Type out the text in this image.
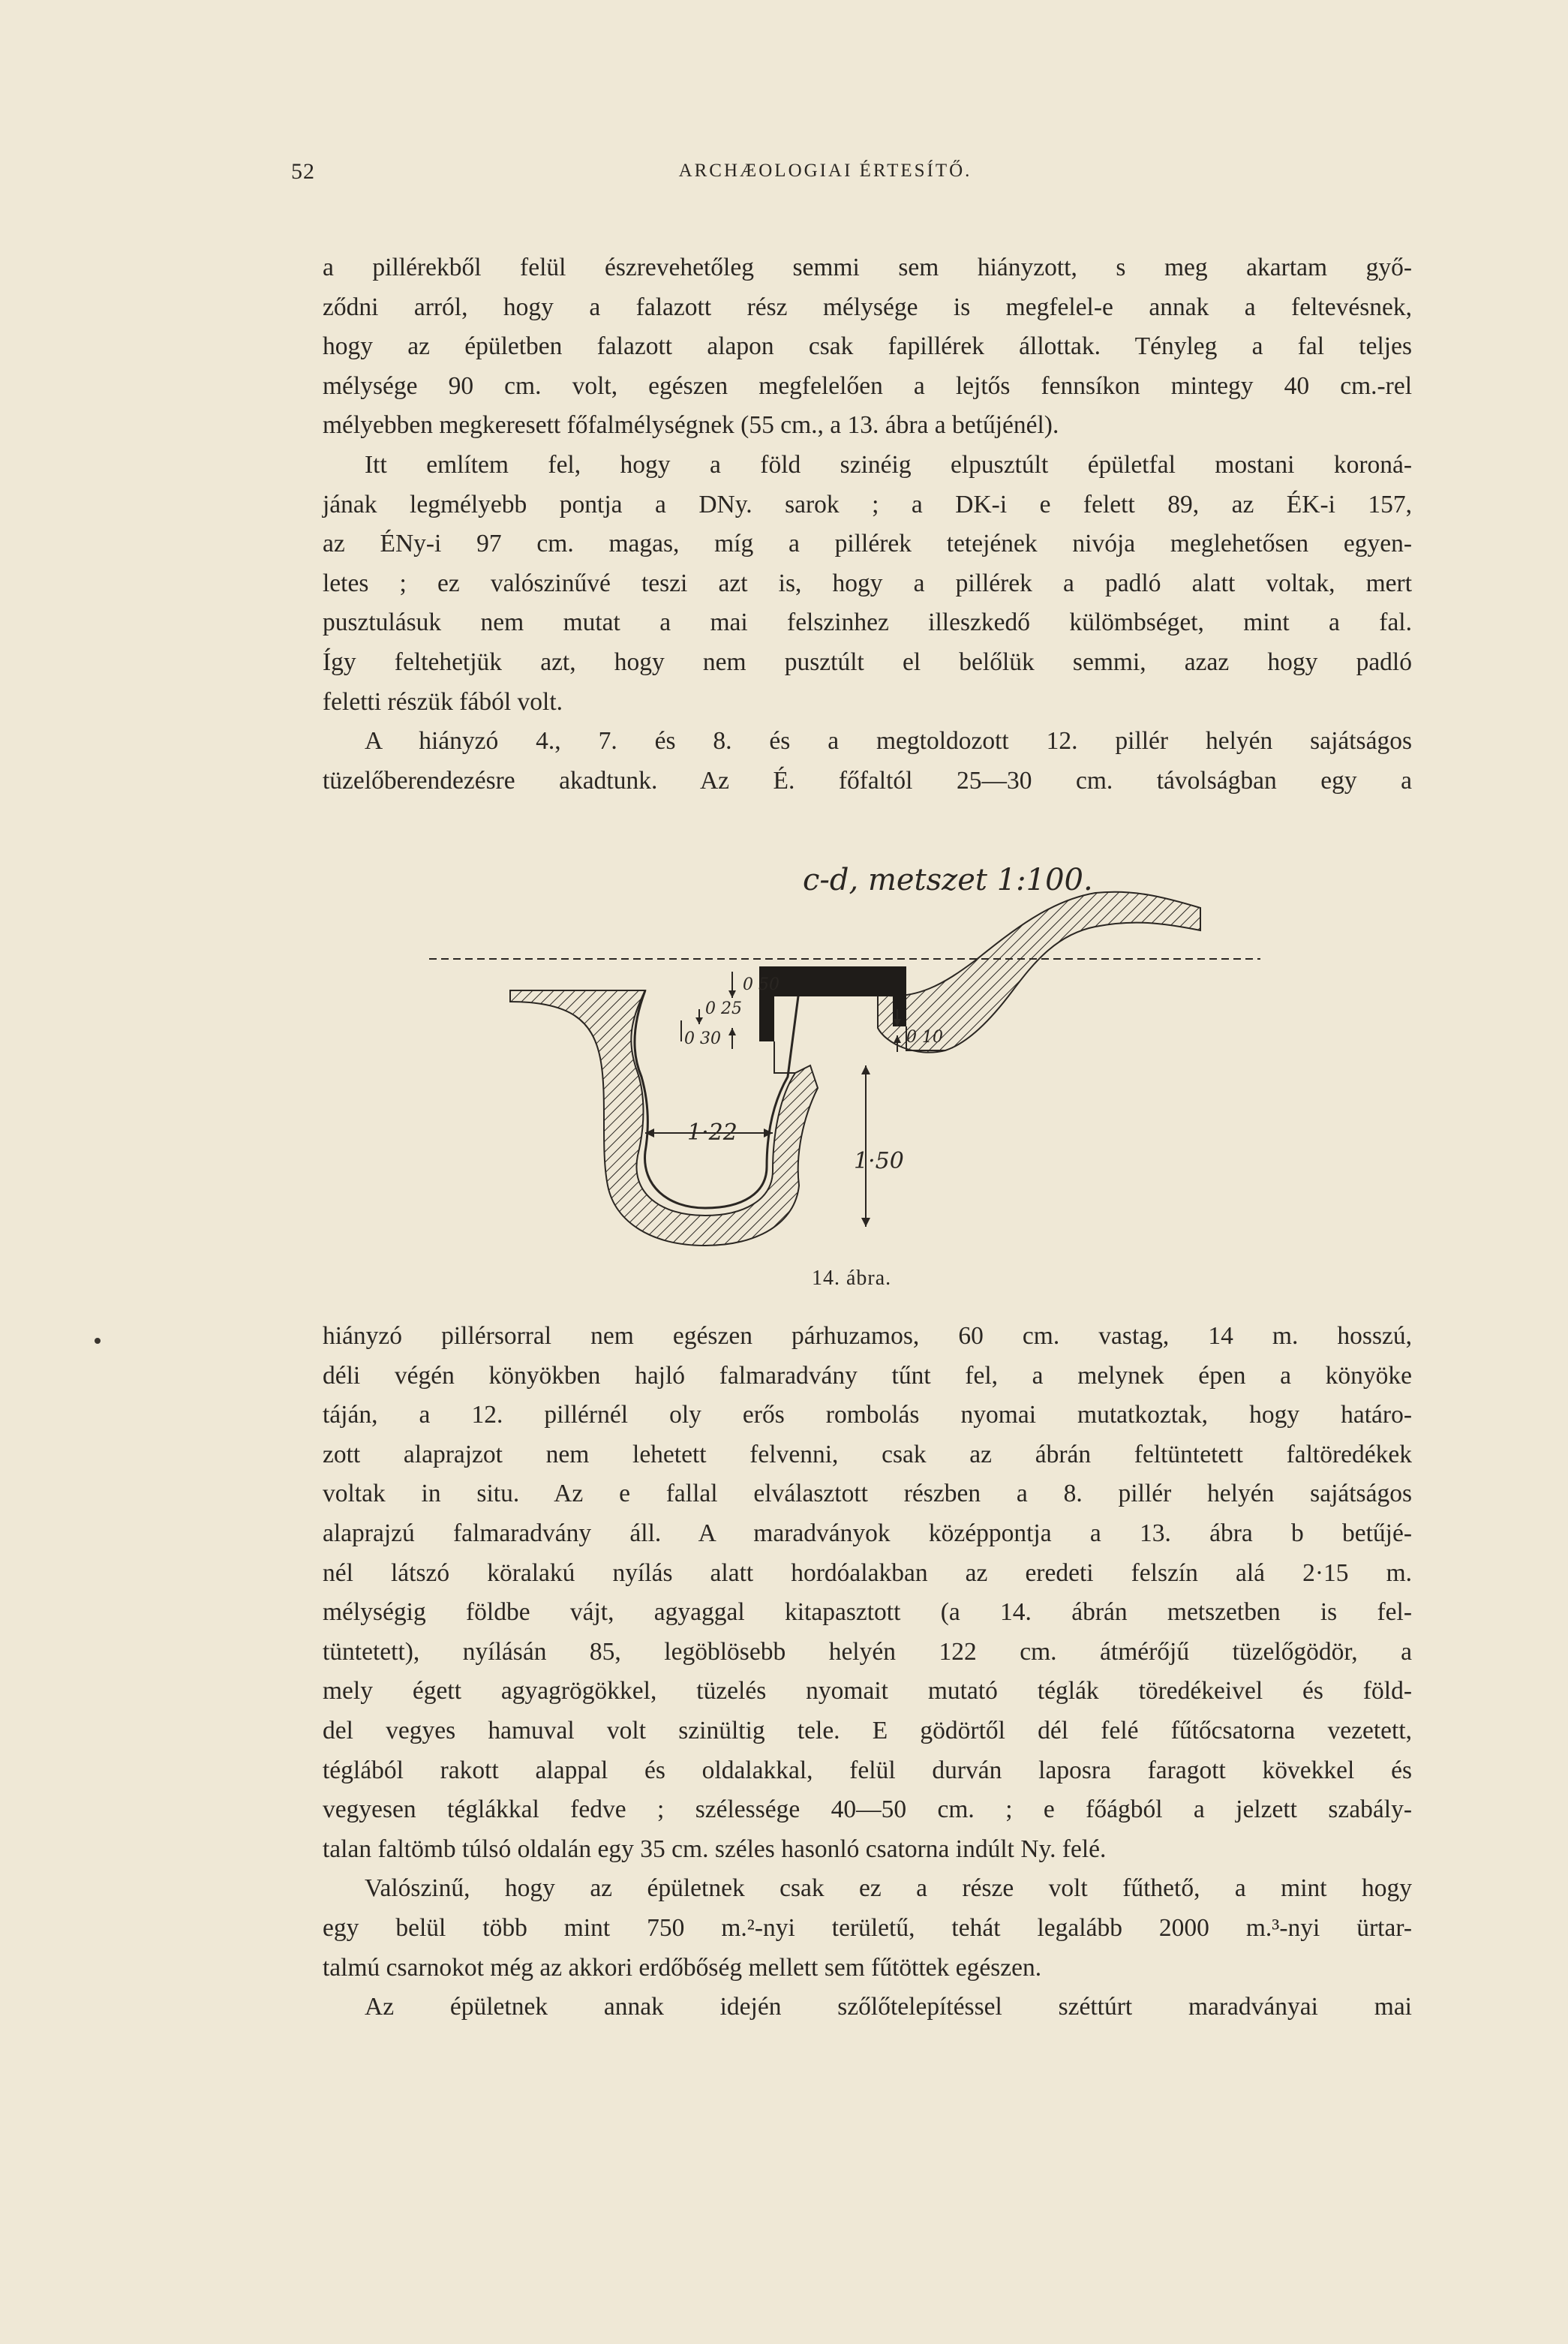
52	ARCHÆOLOGIAI ÉRTESÍTŐ.
a pillérekből felül észrevehetőleg semmi sem hiányzott, s meg akartam győ-
ződni arról, hogy a falazott rész mélysége is megfelel-e annak a feltevésnek,
hogy az épületben falazott alapon csak fapillérek állottak. Tényleg a fal teljes
mélysége 90 cm. volt, egészen megfelelően a lejtős fennsíkon mintegy 40 cm.-rel
mélyebben megkeresett főfalmélységnek (55 cm., a 13. ábra a betűjénél).
Itt említem fel, hogy a föld szinéig elpusztúlt épületfal mostani koroná-
jának legmélyebb pontja a DNy. sarok ; a DK-i e felett 89, az ÉK-i 157,
az ÉNy-i 97 cm. magas, míg a pillérek tetejének nivója meglehetősen egyen-
letes ; ez valószinűvé teszi azt is, hogy a pillérek a padló alatt voltak, mert
pusztulásuk nem mutat a mai felszinhez illeszkedő külömbséget, mint a fal.
Így feltehetjük azt, hogy nem pusztúlt el belőlük semmi, azaz hogy padló
feletti részük fából volt.
A hiányzó 4., 7. és 8. és a megtoldozott 12. pillér helyén sajátságos
tüzelőberendezésre akadtunk. Az É. főfaltól 25—30 cm. távolságban egy a
c-d, metszet 1:100.
0 50
0 25
0 30	0 10
1·22
1·50
14. ábra.
hiányzó pillérsorral nem egészen párhuzamos, 60 cm. vastag, 14 m. hosszú,
déli végén könyökben hajló falmaradvány tűnt fel, a melynek épen a könyöke
táján, a 12. pillérnél oly erős rombolás nyomai mutatkoztak, hogy határo-
zott alaprajzot nem lehetett felvenni, csak az ábrán feltüntetett faltöredékek
voltak in situ. Az e fallal elválasztott részben a 8. pillér helyén sajátságos
alaprajzú falmaradvány áll. A maradványok középpontja a 13. ábra b betűjé-
nél látszó köralakú nyílás alatt hordóalakban az eredeti felszín alá 2·15 m.
mélységig földbe vájt, agyaggal kitapasztott (a 14. ábrán metszetben is fel-
tüntetett), nyílásán 85, legöblösebb helyén 122 cm. átmérőjű tüzelőgödör, a
mely égett agyagrögökkel, tüzelés nyomait mutató téglák töredékeivel és föld-
del vegyes hamuval volt szinültig tele. E gödörtől dél felé fűtőcsatorna vezetett,
téglából rakott alappal és oldalakkal, felül durván laposra faragott kövekkel és
vegyesen téglákkal fedve ; szélessége 40—50 cm. ; e főágból a jelzett szabály-
talan faltömb túlsó oldalán egy 35 cm. széles hasonló csatorna indúlt Ny. felé.
Valószinű, hogy az épületnek csak ez a része volt fűthető, a mint hogy
egy belül több mint 750 m.²-nyi területű, tehát legalább 2000 m.³-nyi ürtar-
talmú csarnokot még az akkori erdőbőség mellett sem fűtöttek egészen.
Az épületnek annak idején szőlőtelepítéssel széttúrt maradványai mai
